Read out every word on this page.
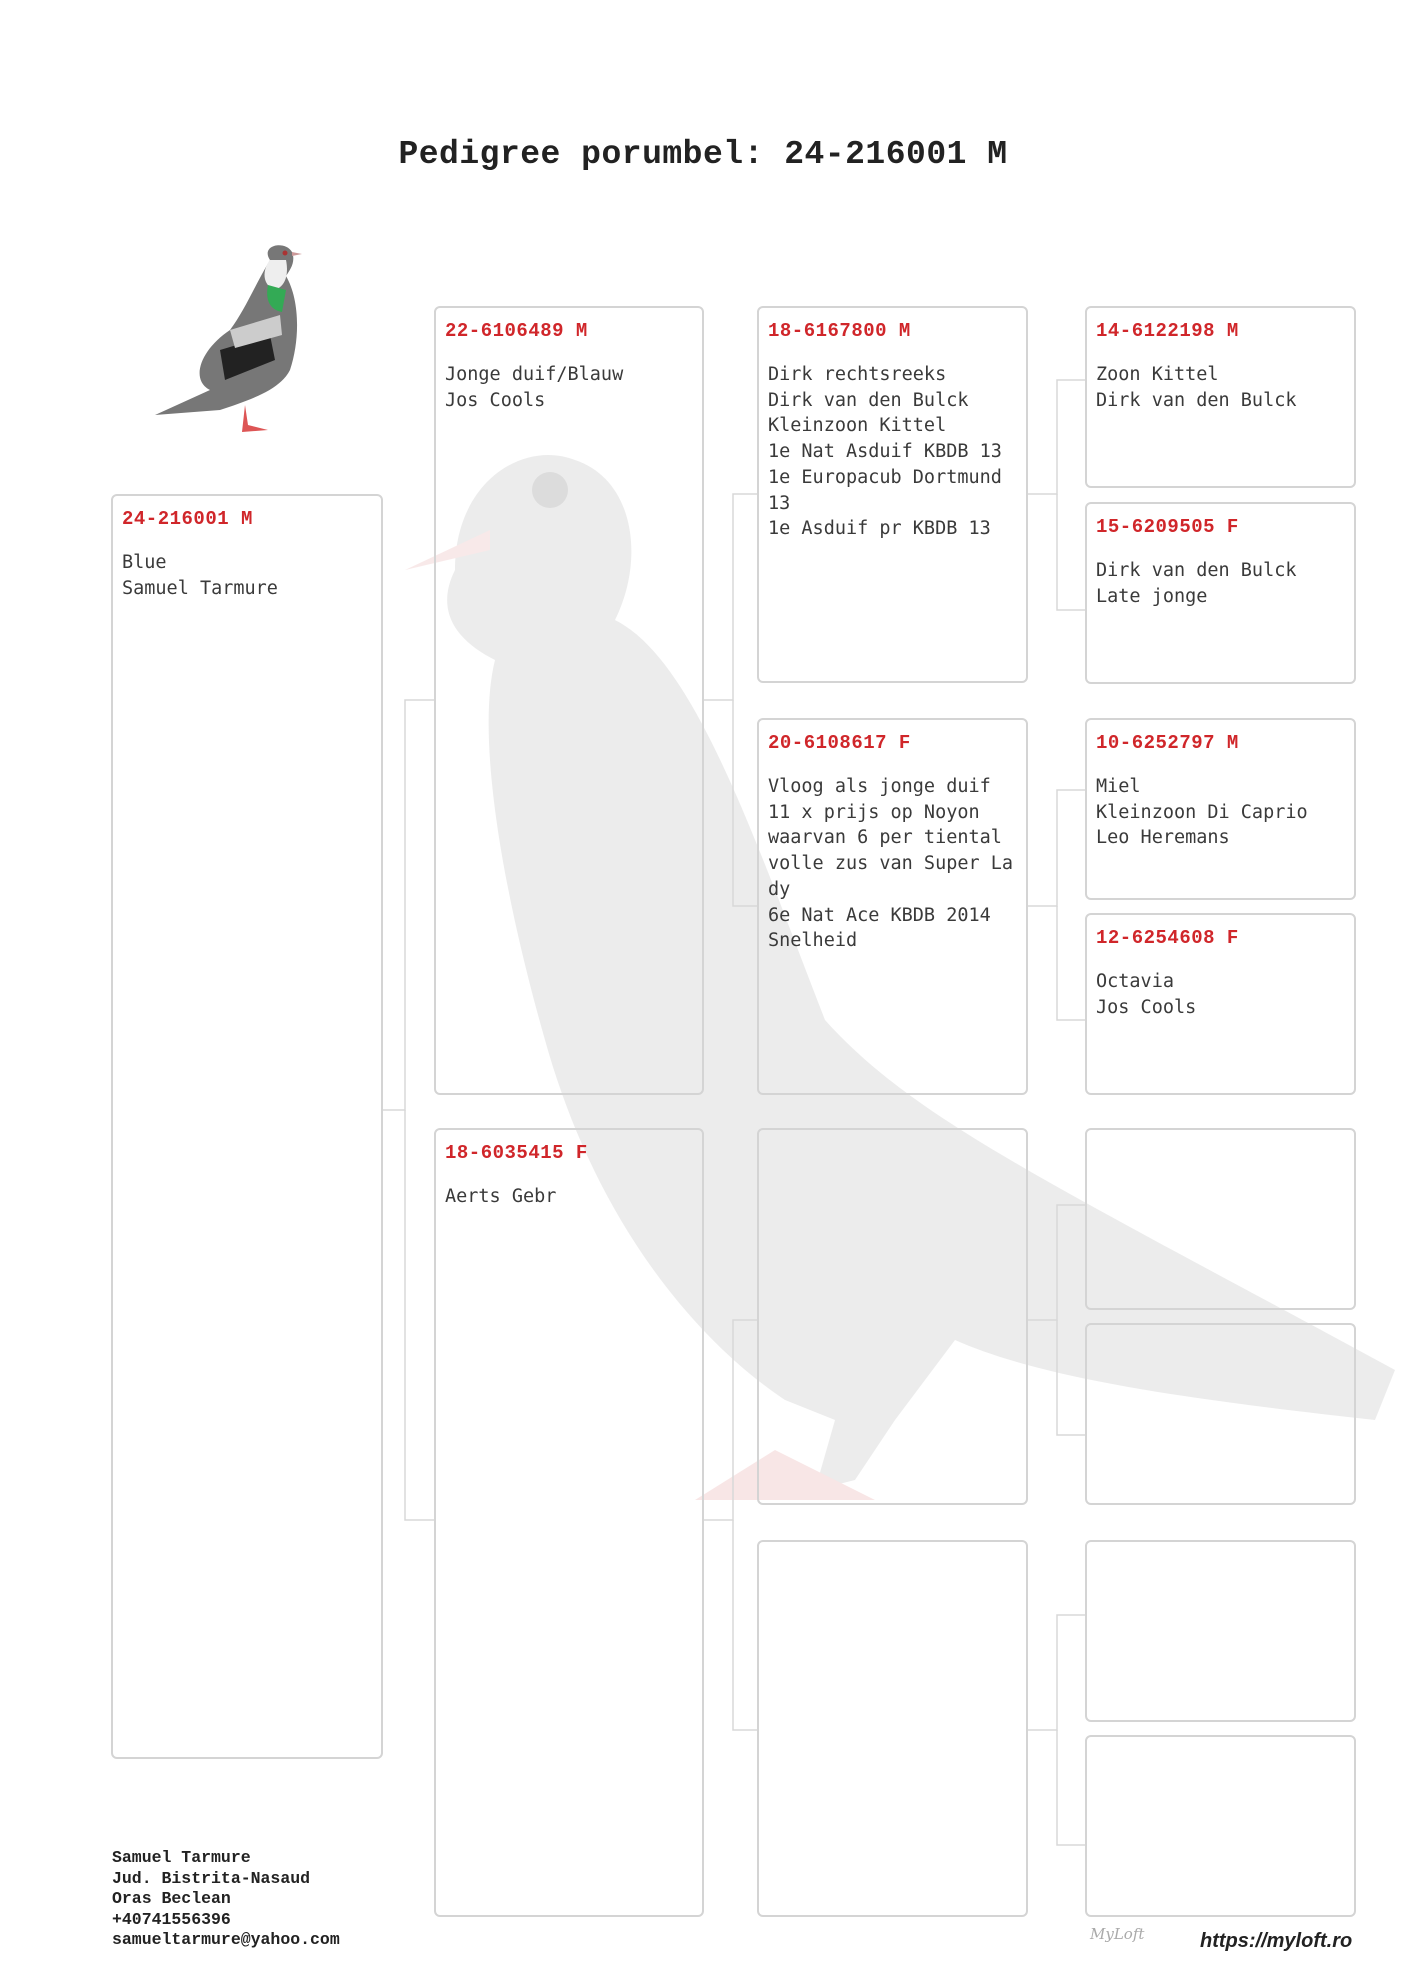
Pedigree porumbel: 24-216001 M
24-216001 M
Blue
Samuel Tarmure
22-6106489 M
Jonge duif/Blauw
Jos Cools
18-6035415 F
Aerts Gebr
18-6167800 M
Dirk rechtsreeks
Dirk van den Bulck
Kleinzoon Kittel
1e Nat Asduif KBDB 13
1e Europacub Dortmund 13
1e Asduif pr KBDB 13
20-6108617 F
Vloog als jonge duif
11 x prijs op Noyon
waarvan 6 per tiental
volle zus van Super Lady
6e Nat Ace KBDB 2014
Snelheid
14-6122198 M
Zoon Kittel
Dirk van den Bulck
15-6209505 F
Dirk van den Bulck
Late jonge
10-6252797 M
Miel
Kleinzoon Di Caprio
Leo Heremans
12-6254608 F
Octavia
Jos Cools
Samuel Tarmure
Jud. Bistrita-Nasaud
Oras Beclean
+40741556396
samueltarmure@yahoo.com	MyLoft	https://myloft.ro
